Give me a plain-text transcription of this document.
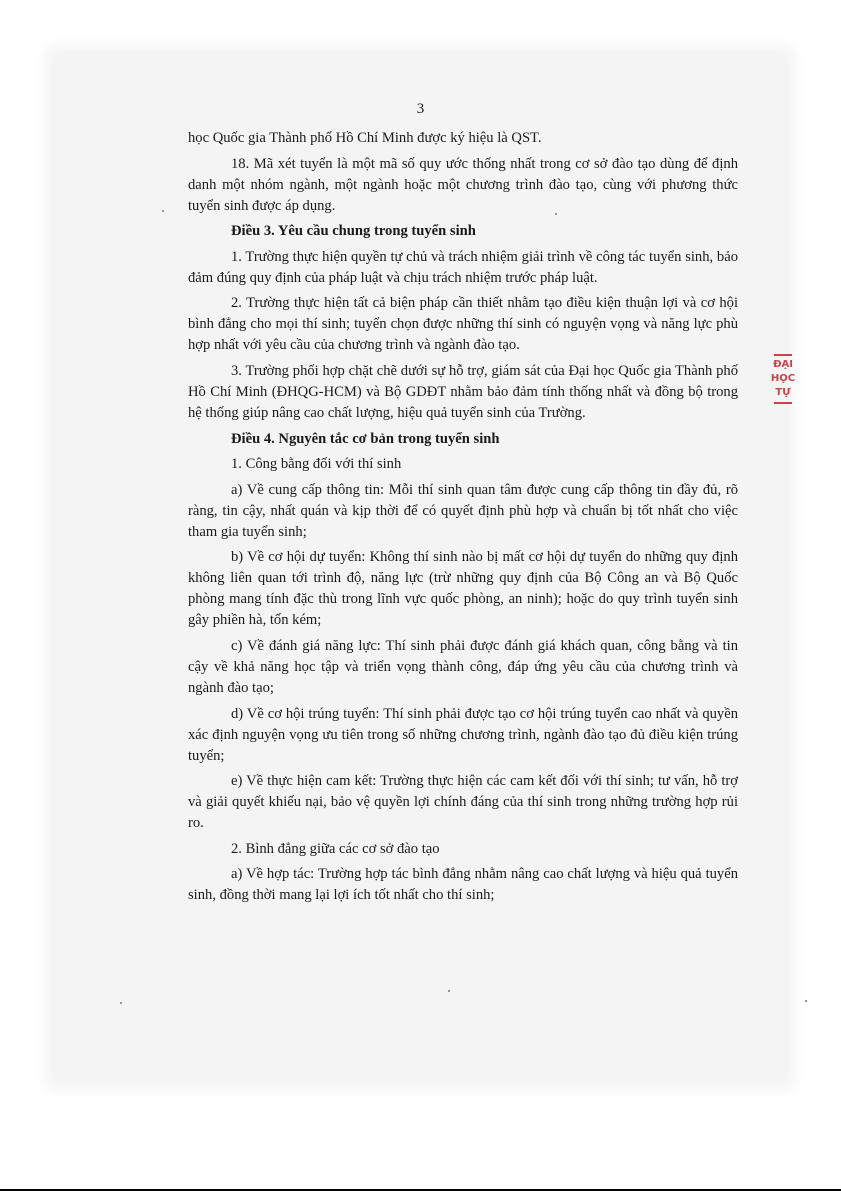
3

học Quốc gia Thành phố Hồ Chí Minh được ký hiệu là QST.

18. Mã xét tuyển là một mã số quy ước thống nhất trong cơ sở đào tạo dùng để định danh một nhóm ngành, một ngành hoặc một chương trình đào tạo, cùng với phương thức tuyển sinh được áp dụng.

Điều 3. Yêu cầu chung trong tuyển sinh

1. Trường thực hiện quyền tự chủ và trách nhiệm giải trình về công tác tuyển sinh, bảo đảm đúng quy định của pháp luật và chịu trách nhiệm trước pháp luật.

2. Trường thực hiện tất cả biện pháp cần thiết nhằm tạo điều kiện thuận lợi và cơ hội bình đẳng cho mọi thí sinh; tuyển chọn được những thí sinh có nguyện vọng và năng lực phù hợp nhất với yêu cầu của chương trình và ngành đào tạo.

3. Trường phối hợp chặt chẽ dưới sự hỗ trợ, giám sát của Đại học Quốc gia Thành phố Hồ Chí Minh (ĐHQG-HCM) và Bộ GDĐT nhằm bảo đảm tính thống nhất và đồng bộ trong hệ thống giúp nâng cao chất lượng, hiệu quả tuyển sinh của Trường.

Điều 4. Nguyên tắc cơ bản trong tuyển sinh

1. Công bằng đối với thí sinh

a) Về cung cấp thông tin: Mỗi thí sinh quan tâm được cung cấp thông tin đầy đủ, rõ ràng, tin cậy, nhất quán và kịp thời để có quyết định phù hợp và chuẩn bị tốt nhất cho việc tham gia tuyển sinh;

b) Về cơ hội dự tuyển: Không thí sinh nào bị mất cơ hội dự tuyển do những quy định không liên quan tới trình độ, năng lực (trừ những quy định của Bộ Công an và Bộ Quốc phòng mang tính đặc thù trong lĩnh vực quốc phòng, an ninh); hoặc do quy trình tuyển sinh gây phiền hà, tốn kém;

c) Về đánh giá năng lực: Thí sinh phải được đánh giá khách quan, công bằng và tin cậy về khả năng học tập và triển vọng thành công, đáp ứng yêu cầu của chương trình và ngành đào tạo;

d) Về cơ hội trúng tuyển: Thí sinh phải được tạo cơ hội trúng tuyển cao nhất và quyền xác định nguyện vọng ưu tiên trong số những chương trình, ngành đào tạo đủ điều kiện trúng tuyển;

e) Về thực hiện cam kết: Trường thực hiện các cam kết đối với thí sinh; tư vấn, hỗ trợ và giải quyết khiếu nại, bảo vệ quyền lợi chính đáng của thí sinh trong những trường hợp rủi ro.

2. Bình đẳng giữa các cơ sở đào tạo

a) Về hợp tác: Trường hợp tác bình đẳng nhằm nâng cao chất lượng và hiệu quả tuyển sinh, đồng thời mang lại lợi ích tốt nhất cho thí sinh;

ĐẠI
HỌC
TỰ
